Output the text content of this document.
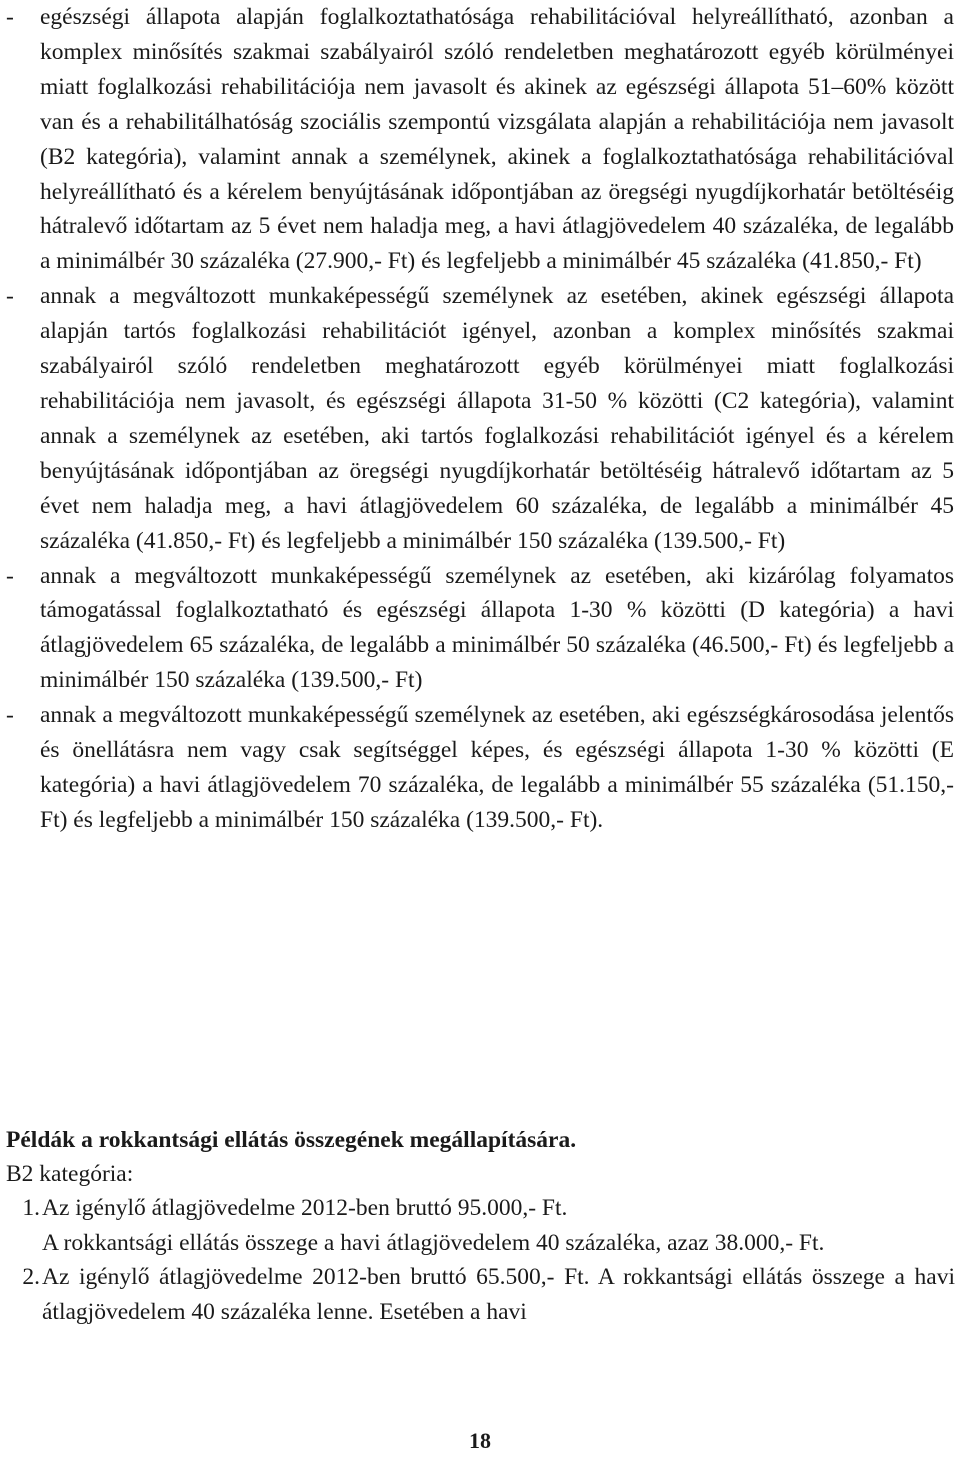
-	egészségi állapota alapján foglalkoztathatósága rehabilitációval helyreállítható, azonban a komplex minősítés szakmai szabályairól szóló rendeletben meghatározott egyéb körülményei miatt foglalkozási rehabilitációja nem javasolt és akinek az egészségi állapota 51–60% között van és a rehabilitálhatóság szociális szempontú vizsgálata alapján a rehabilitációja nem javasolt (B2 kategória), valamint annak a személynek, akinek a foglalkoztathatósága rehabilitációval helyreállítható és a kérelem benyújtásának időpontjában az öregségi nyugdíjkorhatár betöltéséig hátralevő időtartam az 5 évet nem haladja meg, a havi átlagjövedelem 40 százaléka, de legalább a minimálbér 30 százaléka (27.900,- Ft) és legfeljebb a minimálbér 45 százaléka (41.850,- Ft)
-	annak a megváltozott munkaképességű személynek az esetében, akinek egészségi állapota alapján tartós foglalkozási rehabilitációt igényel, azonban a komplex minősítés szakmai szabályairól szóló rendeletben meghatározott egyéb körülményei miatt foglalkozási rehabilitációja nem javasolt, és egészségi állapota 31-50 % közötti (C2 kategória), valamint annak a személynek az esetében, aki tartós foglalkozási rehabilitációt igényel és a kérelem benyújtásának időpontjában az öregségi nyugdíjkorhatár betöltéséig hátralevő időtartam az 5 évet nem haladja meg, a havi átlagjövedelem 60 százaléka, de legalább a minimálbér 45 százaléka (41.850,- Ft) és legfeljebb a minimálbér 150 százaléka (139.500,- Ft)
-	annak a megváltozott munkaképességű személynek az esetében, aki kizárólag folyamatos támogatással foglalkoztatható és egészségi állapota 1-30 % közötti (D kategória) a havi átlagjövedelem 65 százaléka, de legalább a minimálbér 50 százaléka (46.500,- Ft) és legfeljebb a minimálbér 150 százaléka (139.500,- Ft)
-	annak a megváltozott munkaképességű személynek az esetében, aki egészségkárosodása jelentős és önellátásra nem vagy csak segítséggel képes, és egészségi állapota 1-30 % közötti (E kategória) a havi átlagjövedelem 70 százaléka, de legalább a minimálbér 55 százaléka (51.150,- Ft) és legfeljebb a minimálbér 150 százaléka (139.500,- Ft).
Példák a rokkantsági ellátás összegének megállapítására.
B2 kategória:
1. Az igénylő átlagjövedelme 2012-ben bruttó 95.000,- Ft.
A rokkantsági ellátás összege a havi átlagjövedelem 40 százaléka, azaz 38.000,- Ft.
2. Az igénylő átlagjövedelme 2012-ben bruttó 65.500,- Ft. A rokkantsági ellátás összege a havi átlagjövedelem 40 százaléka lenne. Esetében a havi
18
